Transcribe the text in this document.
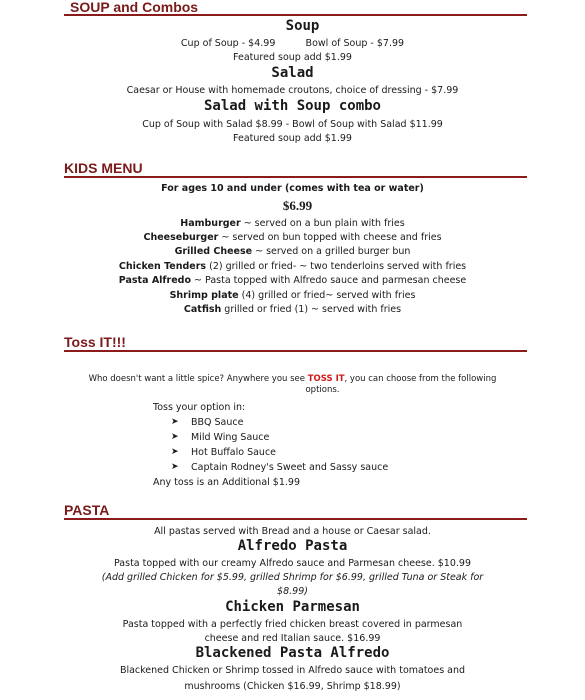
SOUP and Combos
Soup
Cup of Soup - $4.99          Bowl of Soup - $7.99
Featured soup add $1.99
Salad
Caesar or House with homemade croutons, choice of dressing - $7.99
Salad with Soup combo
Cup of Soup with Salad $8.99 - Bowl of Soup with Salad $11.99
Featured soup add $1.99
KIDS MENU
For ages 10 and under (comes with tea or water)
$6.99
Hamburger ~ served on a bun plain with fries
Cheeseburger ~ served on bun topped with cheese and fries
Grilled Cheese ~ served on a grilled burger bun
Chicken Tenders (2) grilled or fried- ~ two tenderloins served with fries
Pasta Alfredo ~ Pasta topped with Alfredo sauce and parmesan cheese
Shrimp plate (4) grilled or fried~ served with fries
Catfish grilled or fried (1) ~ served with fries
Toss IT!!!
Who doesn't want a little spice? Anywhere you see TOSS IT, you can choose from the following
options.
Toss your option in:
➤ BBQ Sauce
➤ Mild Wing Sauce
➤ Hot Buffalo Sauce
➤ Captain Rodney's Sweet and Sassy sauce
Any toss is an Additional $1.99
PASTA
All pastas served with Bread and a house or Caesar salad.
Alfredo Pasta
Pasta topped with our creamy Alfredo sauce and Parmesan cheese. $10.99
(Add grilled Chicken for $5.99, grilled Shrimp for $6.99, grilled Tuna or Steak for
$8.99)
Chicken Parmesan
Pasta topped with a perfectly fried chicken breast covered in parmesan
cheese and red Italian sauce. $16.99
Blackened Pasta Alfredo
Blackened Chicken or Shrimp tossed in Alfredo sauce with tomatoes and
mushrooms (Chicken $16.99, Shrimp $18.99)
